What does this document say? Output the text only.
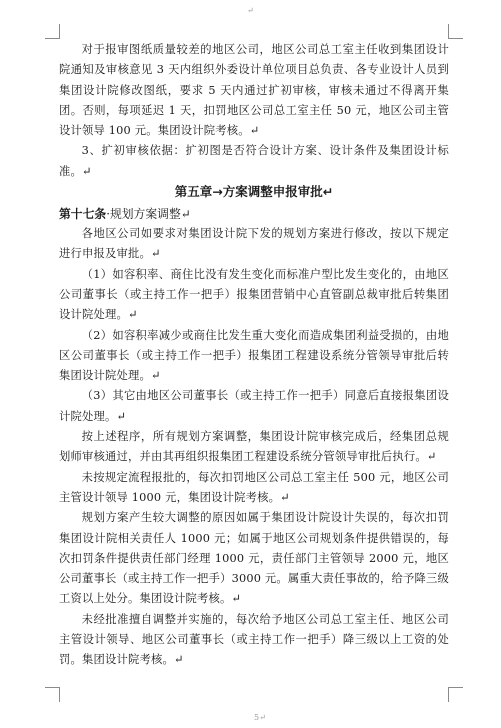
↵

对于报审图纸质量较差的地区公司，地区公司总工室主任收到集团设计院通知及审核意见 3 天内组织外委设计单位项目总负责、各专业设计人员到集团设计院修改图纸，要求 5 天内通过扩初审核，审核未通过不得离开集团。否则，每项延迟 1 天，扣罚地区公司总工室主任 50 元，地区公司主管设计领导 100 元。集团设计院考核。↵

3、扩初审核依据：扩初图是否符合设计方案、设计条件及集团设计标准。↵

第五章→方案调整申报审批↵

第十七条·规划方案调整↵

各地区公司如要求对集团设计院下发的规划方案进行修改，按以下规定进行申报及审批。↵

（1）如容积率、商住比没有发生变化而标准户型比发生变化的，由地区公司董事长（或主持工作一把手）报集团营销中心直管副总裁审批后转集团设计院处理。↵

（2）如容积率减少或商住比发生重大变化而造成集团利益受损的，由地区公司董事长（或主持工作一把手）报集团工程建设系统分管领导审批后转集团设计院处理。↵

（3）其它由地区公司董事长（或主持工作一把手）同意后直接报集团设计院处理。↵

按上述程序，所有规划方案调整，集团设计院审核完成后，经集团总规划师审核通过，并由其再组织报集团工程建设系统分管领导审批后执行。↵

未按规定流程报批的，每次扣罚地区公司总工室主任 500 元，地区公司主管设计领导 1000 元，集团设计院考核。↵

规划方案产生较大调整的原因如属于集团设计院设计失误的，每次扣罚集团设计院相关责任人 1000 元；如属于地区公司规划条件提供错误的，每次扣罚条件提供责任部门经理 1000 元，责任部门主管领导 2000 元，地区公司董事长（或主持工作一把手）3000 元。属重大责任事故的，给予降三级工资以上处分。集团设计院考核。↵

未经批准擅自调整并实施的，每次给予地区公司总工室主任、地区公司主管设计领导、地区公司董事长（或主持工作一把手）降三级以上工资的处罚。集团设计院考核。↵

5↵
